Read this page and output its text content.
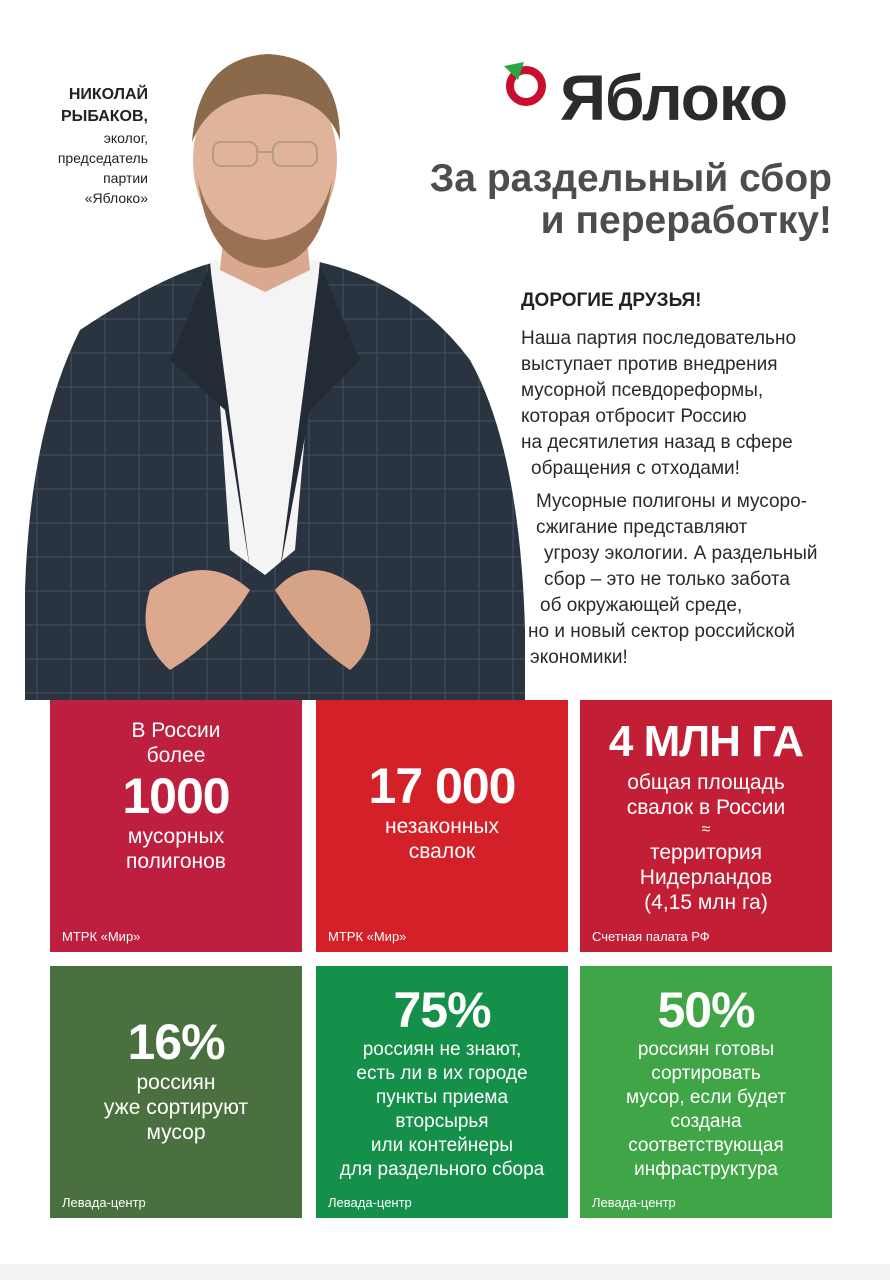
НИКОЛАЙ
РЫБАКОВ,
эколог,
председатель
партии
«Яблоко»
Яблоко
За раздельный сбор
и переработку!
ДОРОГИЕ ДРУЗЬЯ!
Наша партия последовательно
выступает против внедрения
мусорной псевдореформы,
которая отбросит Россию
на десятилетия назад в сфере
обращения с отходами!
Мусорные полигоны и мусоро-
сжигание представляют
угрозу экологии. А раздельный
сбор – это не только забота
об окружающей среде,
но и новый сектор российской
экономики!
В России
более
1000
мусорных
полигонов
МТРК «Мир»
17 000
незаконных
свалок
МТРК «Мир»
4 МЛН ГА
общая площадь
свалок в России
≈
территория
Нидерландов
(4,15 млн га)
Счетная палата РФ
16%
россиян
уже сортируют
мусор
Левада-центр
75%
россиян не знают,
есть ли в их городе
пункты приема
вторсырья
или контейнеры
для раздельного сбора
Левада-центр
50%
россиян готовы
сортировать
мусор, если будет
создана
соответствующая
инфраструктура
Левада-центр
